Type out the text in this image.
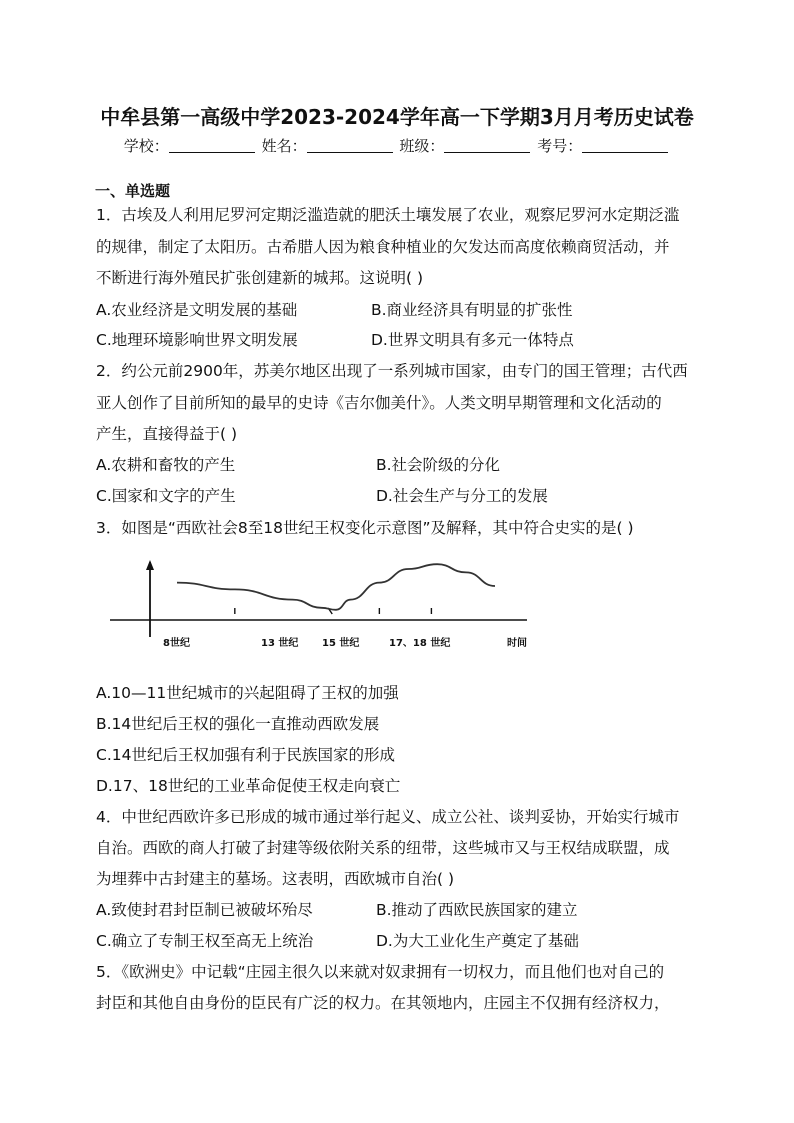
中牟县第一高级中学2023-2024学年高一下学期3月月考历史试卷
学校：	姓名：	班级：	考号：
一、单选题
1．古埃及人利用尼罗河定期泛滥造就的肥沃土壤发展了农业，观察尼罗河水定期泛滥
的规律，制定了太阳历。古希腊人因为粮食种植业的欠发达而高度依赖商贸活动，并
不断进行海外殖民扩张创建新的城邦。这说明( )
A.农业经济是文明发展的基础	B.商业经济具有明显的扩张性
C.地理环境影响世界文明发展	D.世界文明具有多元一体特点
2．约公元前2900年，苏美尔地区出现了一系列城市国家，由专门的国王管理；古代西
亚人创作了目前所知的最早的史诗《吉尔伽美什》。人类文明早期管理和文化活动的
产生，直接得益于( )
A.农耕和畜牧的产生	B.社会阶级的分化
C.国家和文字的产生	D.社会生产与分工的发展
3．如图是“西欧社会8至18世纪王权变化示意图”及解释，其中符合史实的是( )
8世纪	13 世纪 15 世纪	17、18 世纪	时间
A.10—11世纪城市的兴起阻碍了王权的加强
B.14世纪后王权的强化一直推动西欧发展
C.14世纪后王权加强有利于民族国家的形成
D.17、18世纪的工业革命促使王权走向衰亡
4．中世纪西欧许多已形成的城市通过举行起义、成立公社、谈判妥协，开始实行城市
自治。西欧的商人打破了封建等级依附关系的纽带，这些城市又与王权结成联盟，成
为埋葬中古封建主的墓场。这表明，西欧城市自治( )
A.致使封君封臣制已被破坏殆尽	B.推动了西欧民族国家的建立
C.确立了专制王权至高无上统治	D.为大工业化生产奠定了基础
5．《欧洲史》中记载“庄园主很久以来就对奴隶拥有一切权力，而且他们也对自己的
封臣和其他自由身份的臣民有广泛的权力。在其领地内，庄园主不仅拥有经济权力，
